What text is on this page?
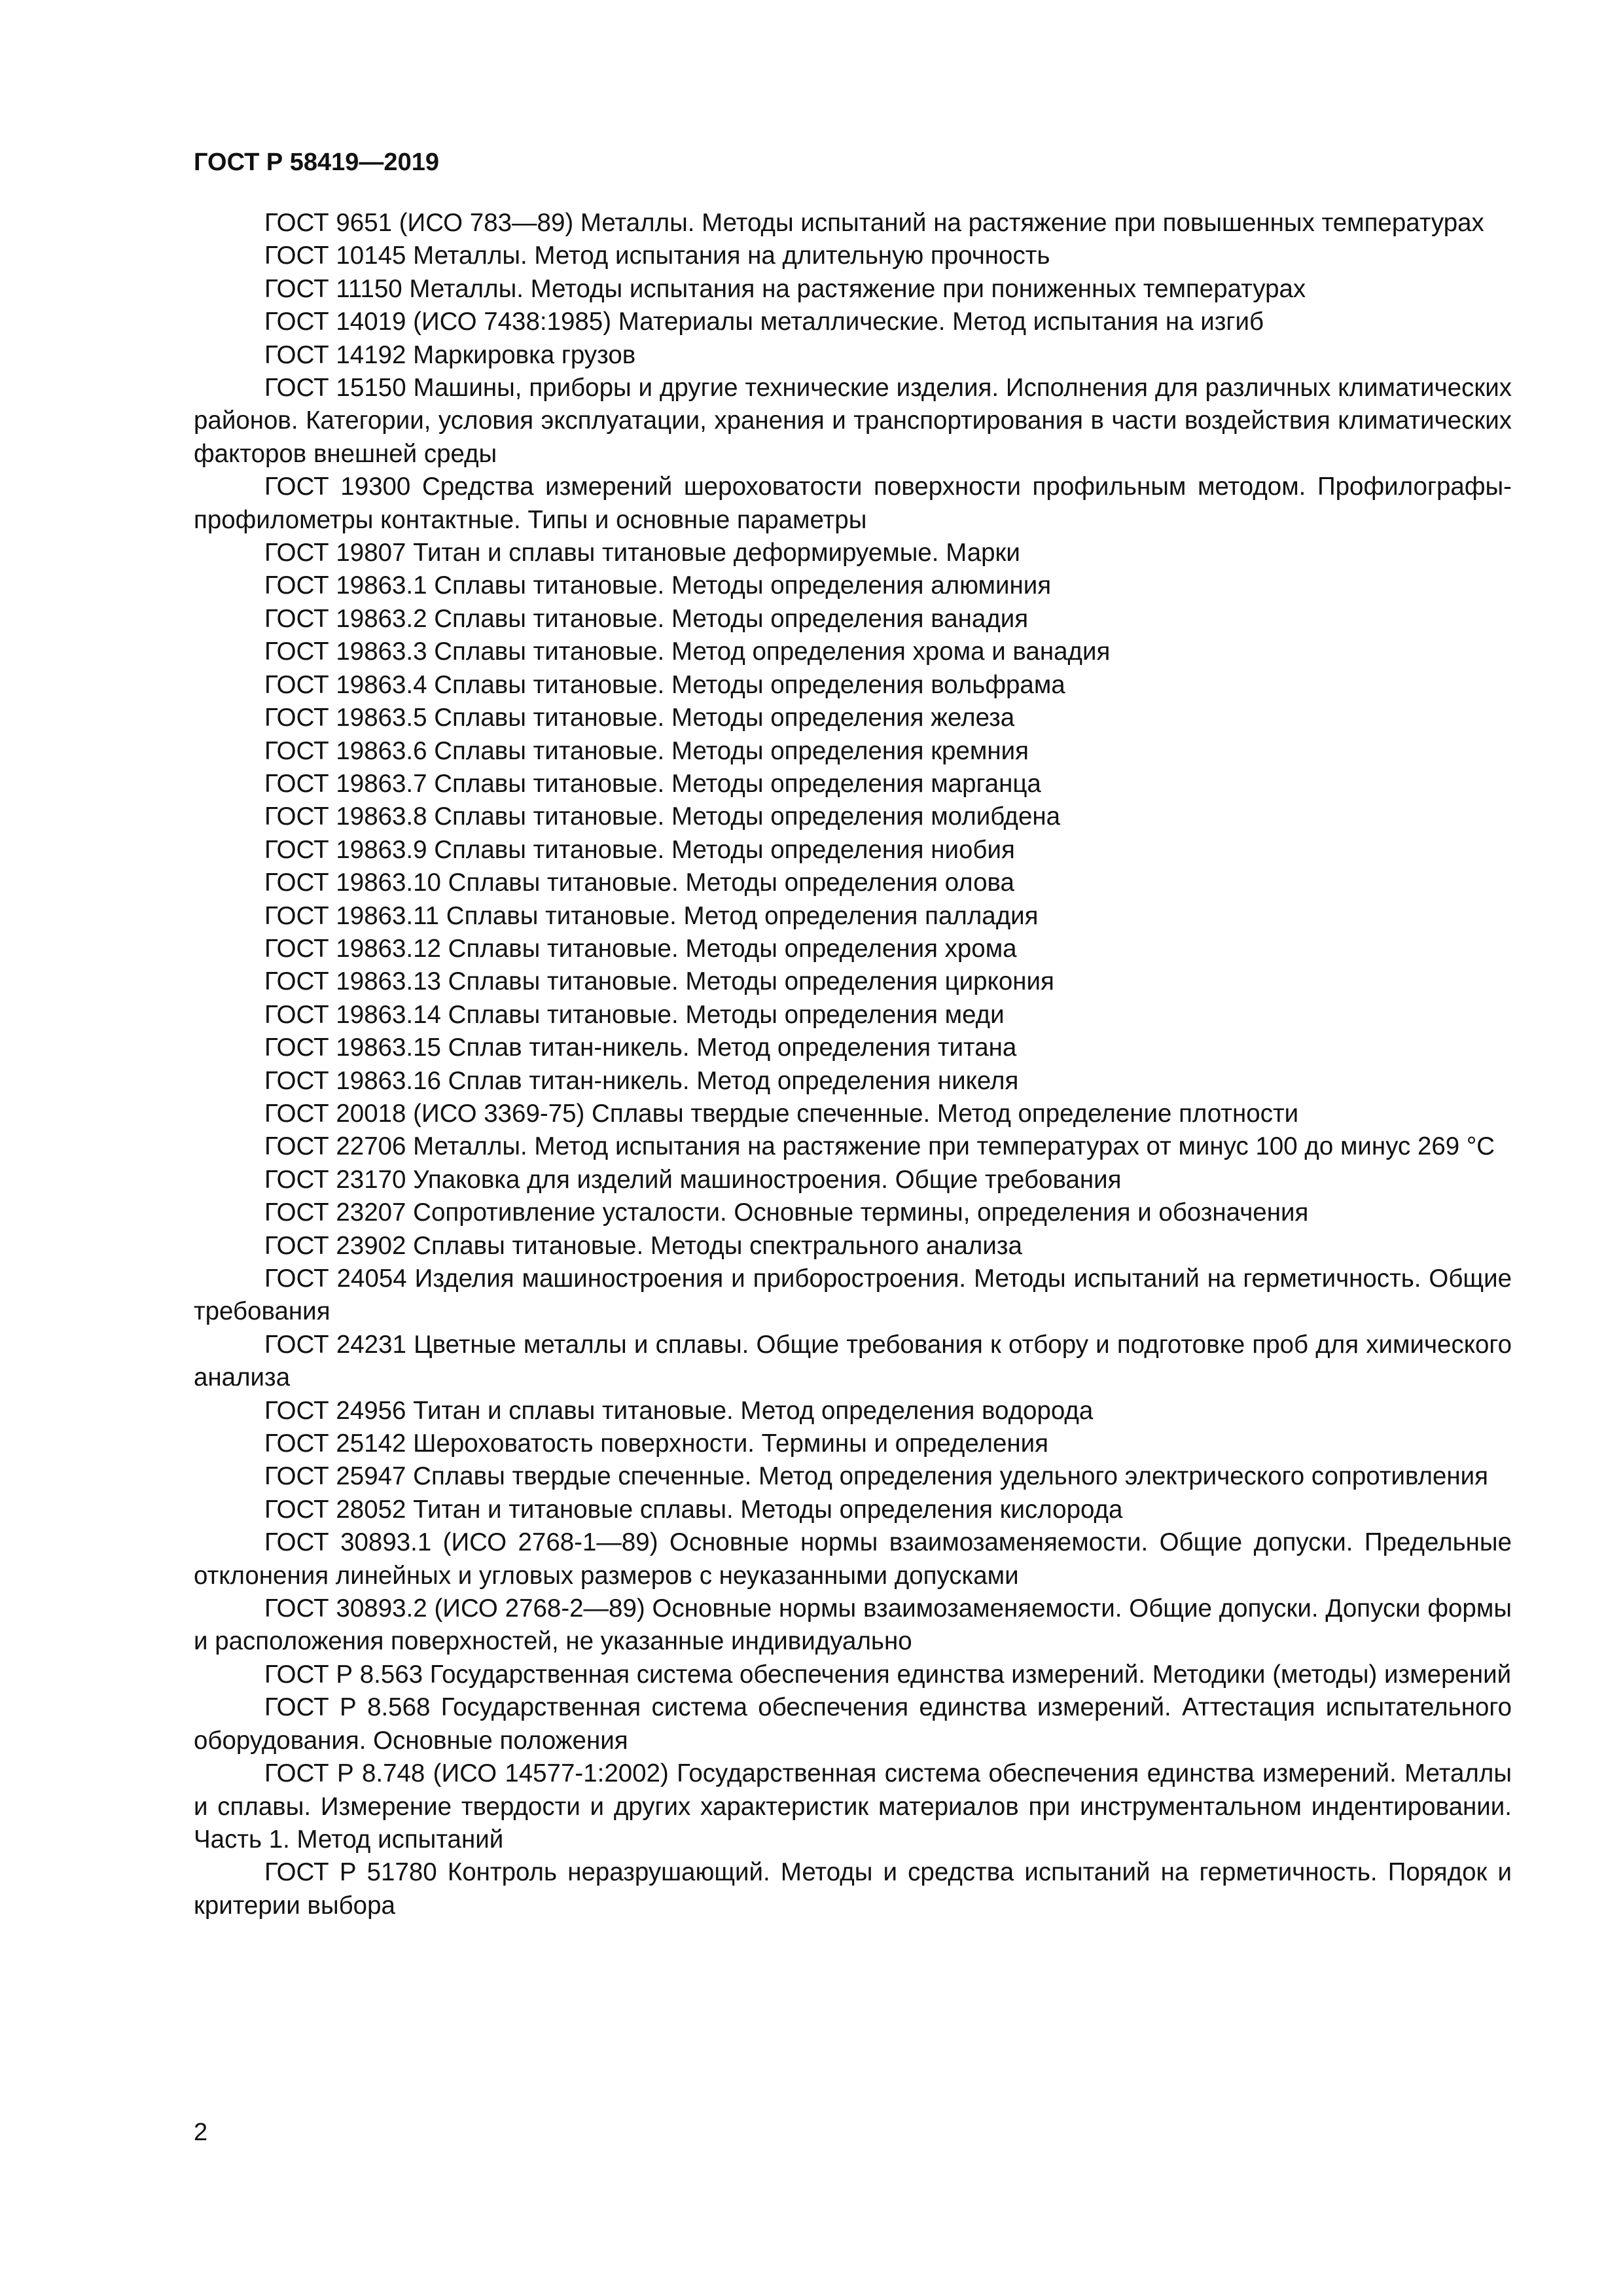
ГОСТ Р 58419—2019

ГОСТ 9651 (ИСО 783—89) Металлы. Методы испытаний на растяжение при повышенных температурах

ГОСТ 10145 Металлы. Метод испытания на длительную прочность

ГОСТ 11150 Металлы. Методы испытания на растяжение при пониженных температурах

ГОСТ 14019 (ИСО 7438:1985) Материалы металлические. Метод испытания на изгиб

ГОСТ 14192 Маркировка грузов

ГОСТ 15150 Машины, приборы и другие технические изделия. Исполнения для различных климатических районов. Категории, условия эксплуатации, хранения и транспортирования в части воздействия климатических факторов внешней среды

ГОСТ 19300 Средства измерений шероховатости поверхности профильным методом. Профилографы-профилометры контактные. Типы и основные параметры

ГОСТ 19807 Титан и сплавы титановые деформируемые. Марки

ГОСТ 19863.1 Сплавы титановые. Методы определения алюминия

ГОСТ 19863.2 Сплавы титановые. Методы определения ванадия

ГОСТ 19863.3 Сплавы титановые. Метод определения хрома и ванадия

ГОСТ 19863.4 Сплавы титановые. Методы определения вольфрама

ГОСТ 19863.5 Сплавы титановые. Методы определения железа

ГОСТ 19863.6 Сплавы титановые. Методы определения кремния

ГОСТ 19863.7 Сплавы титановые. Методы определения марганца

ГОСТ 19863.8 Сплавы титановые. Методы определения молибдена

ГОСТ 19863.9 Сплавы титановые. Методы определения ниобия

ГОСТ 19863.10 Сплавы титановые. Методы определения олова

ГОСТ 19863.11 Сплавы титановые. Метод определения палладия

ГОСТ 19863.12 Сплавы титановые. Методы определения хрома

ГОСТ 19863.13 Сплавы титановые. Методы определения циркония

ГОСТ 19863.14 Сплавы титановые. Методы определения меди

ГОСТ 19863.15 Сплав титан-никель. Метод определения титана

ГОСТ 19863.16 Сплав титан-никель. Метод определения никеля

ГОСТ 20018 (ИСО 3369-75) Сплавы твердые спеченные. Метод определение плотности

ГОСТ 22706 Металлы. Метод испытания на растяжение при температурах от минус 100 до минус 269 °С

ГОСТ 23170 Упаковка для изделий машиностроения. Общие требования

ГОСТ 23207 Сопротивление усталости. Основные термины, определения и обозначения

ГОСТ 23902 Сплавы титановые. Методы спектрального анализа

ГОСТ 24054 Изделия машиностроения и приборостроения. Методы испытаний на герметичность. Общие требования

ГОСТ 24231 Цветные металлы и сплавы. Общие требования к отбору и подготовке проб для химического анализа

ГОСТ 24956 Титан и сплавы титановые. Метод определения водорода

ГОСТ 25142 Шероховатость поверхности. Термины и определения

ГОСТ 25947 Сплавы твердые спеченные. Метод определения удельного электрического сопротивления

ГОСТ 28052 Титан и титановые сплавы. Методы определения кислорода

ГОСТ 30893.1 (ИСО 2768-1—89) Основные нормы взаимозаменяемости. Общие допуски. Предельные отклонения линейных и угловых размеров с неуказанными допусками

ГОСТ 30893.2 (ИСО 2768-2—89) Основные нормы взаимозаменяемости. Общие допуски. Допуски формы и расположения поверхностей, не указанные индивидуально

ГОСТ Р 8.563 Государственная система обеспечения единства измерений. Методики (методы) измерений

ГОСТ Р 8.568 Государственная система обеспечения единства измерений. Аттестация испытательного оборудования. Основные положения

ГОСТ Р 8.748 (ИСО 14577-1:2002) Государственная система обеспечения единства измерений. Металлы и сплавы. Измерение твердости и других характеристик материалов при инструментальном индентировании. Часть 1. Метод испытаний

ГОСТ Р 51780 Контроль неразрушающий. Методы и средства испытаний на герметичность. Порядок и критерии выбора

2
